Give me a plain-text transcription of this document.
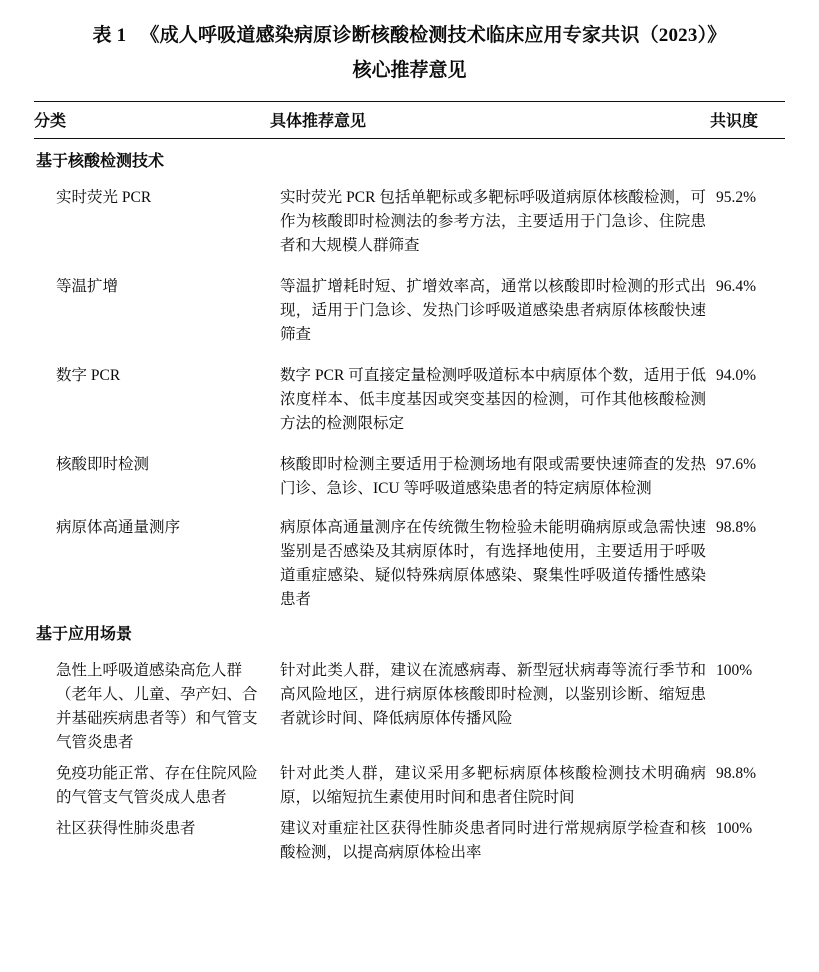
表 1 《成人呼吸道感染病原诊断核酸检测技术临床应用专家共识（2023）》
核心推荐意见
分类	具体推荐意见	共识度
基于核酸检测技术		
实时荧光 PCR	实时荧光 PCR 包括单靶标或多靶标呼吸道病原体核酸检测，可作为核酸即时检测法的参考方法，主要适用于门急诊、住院患者和大规模人群筛查	95.2%

等温扩增	等温扩增耗时短、扩增效率高，通常以核酸即时检测的形式出现，适用于门急诊、发热门诊呼吸道感染患者病原体核酸快速筛查	96.4%

数字 PCR	数字 PCR 可直接定量检测呼吸道标本中病原体个数，适用于低浓度样本、低丰度基因或突变基因的检测，可作其他核酸检测方法的检测限标定	94.0%

核酸即时检测	核酸即时检测主要适用于检测场地有限或需要快速筛查的发热门诊、急诊、ICU 等呼吸道感染患者的特定病原体检测	97.6%

病原体高通量测序	病原体高通量测序在传统微生物检验未能明确病原或急需快速鉴别是否感染及其病原体时，有选择地使用，主要适用于呼吸道重症感染、疑似特殊病原体感染、聚集性呼吸道传播性感染患者	98.8%
基于应用场景		
急性上呼吸道感染高危人群（老年人、儿童、孕产妇、合并基础疾病患者等）和气管支气管炎患者	针对此类人群，建议在流感病毒、新型冠状病毒等流行季节和高风险地区，进行病原体核酸即时检测，以鉴别诊断、缩短患者就诊时间、降低病原体传播风险	100%
免疫功能正常、存在住院风险的气管支气管炎成人患者	针对此类人群，建议采用多靶标病原体核酸检测技术明确病原，以缩短抗生素使用时间和患者住院时间	98.8%
社区获得性肺炎患者	建议对重症社区获得性肺炎患者同时进行常规病原学检查和核酸检测，以提高病原体检出率	100%
